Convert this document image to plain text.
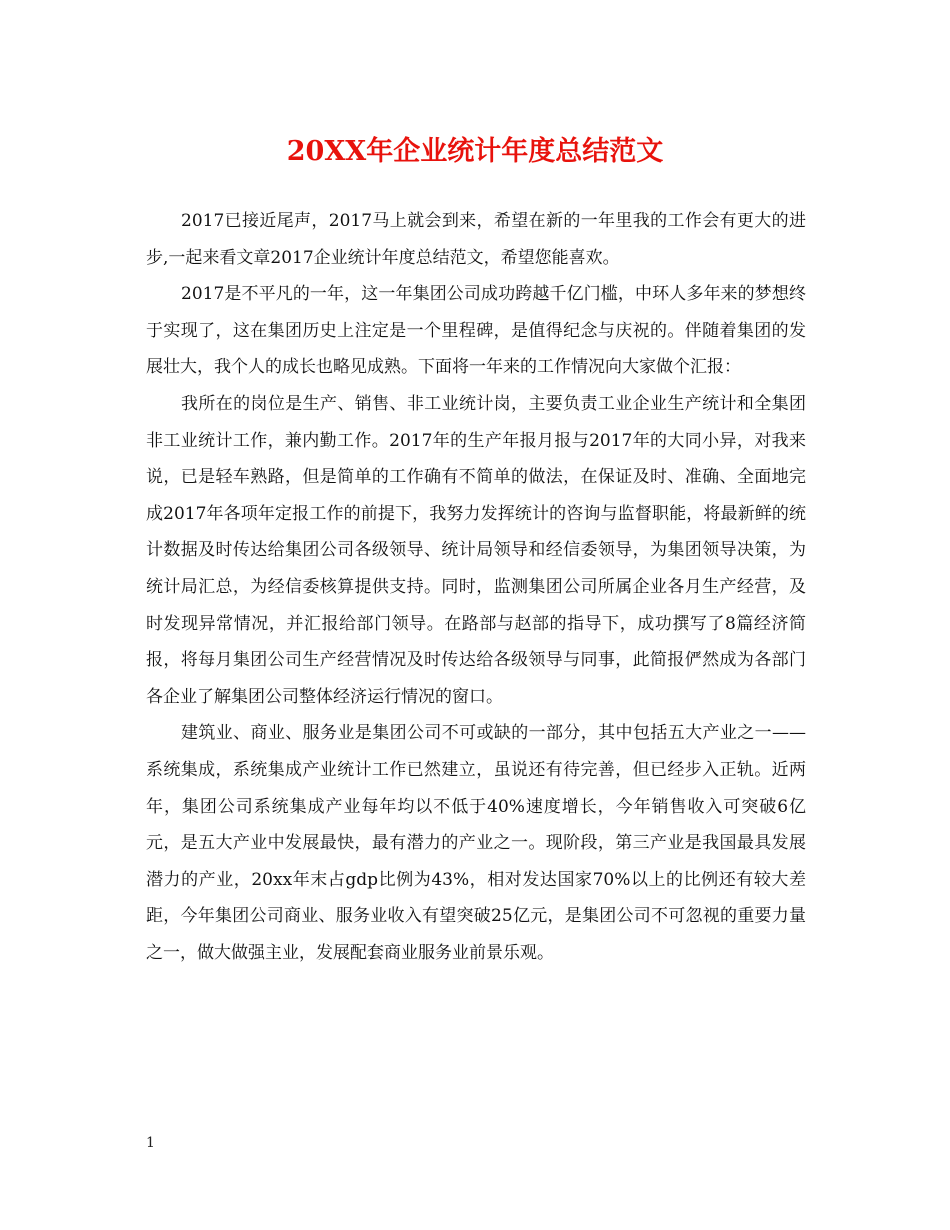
20XX年企业统计年度总结范文

2017已接近尾声，2017马上就会到来，希望在新的一年里我的工作会有更大的进步,一起来看文章2017企业统计年度总结范文，希望您能喜欢。

2017是不平凡的一年，这一年集团公司成功跨越千亿门槛，中环人多年来的梦想终于实现了，这在集团历史上注定是一个里程碑，是值得纪念与庆祝的。伴随着集团的发展壮大，我个人的成长也略见成熟。下面将一年来的工作情况向大家做个汇报：

我所在的岗位是生产、销售、非工业统计岗，主要负责工业企业生产统计和全集团非工业统计工作，兼内勤工作。2017年的生产年报月报与2017年的大同小异，对我来说，已是轻车熟路，但是简单的工作确有不简单的做法，在保证及时、准确、全面地完成2017年各项年定报工作的前提下，我努力发挥统计的咨询与监督职能，将最新鲜的统计数据及时传达给集团公司各级领导、统计局领导和经信委领导，为集团领导决策，为统计局汇总，为经信委核算提供支持。同时，监测集团公司所属企业各月生产经营，及时发现异常情况，并汇报给部门领导。在路部与赵部的指导下，成功撰写了8篇经济简报，将每月集团公司生产经营情况及时传达给各级领导与同事，此简报俨然成为各部门各企业了解集团公司整体经济运行情况的窗口。

建筑业、商业、服务业是集团公司不可或缺的一部分，其中包括五大产业之一——系统集成，系统集成产业统计工作已然建立，虽说还有待完善，但已经步入正轨。近两年，集团公司系统集成产业每年均以不低于40%速度增长，今年销售收入可突破6亿元，是五大产业中发展最快，最有潜力的产业之一。现阶段，第三产业是我国最具发展潜力的产业，20xx年末占gdp比例为43%，相对发达国家70%以上的比例还有较大差距，今年集团公司商业、服务业收入有望突破25亿元，是集团公司不可忽视的重要力量之一，做大做强主业，发展配套商业服务业前景乐观。

1
